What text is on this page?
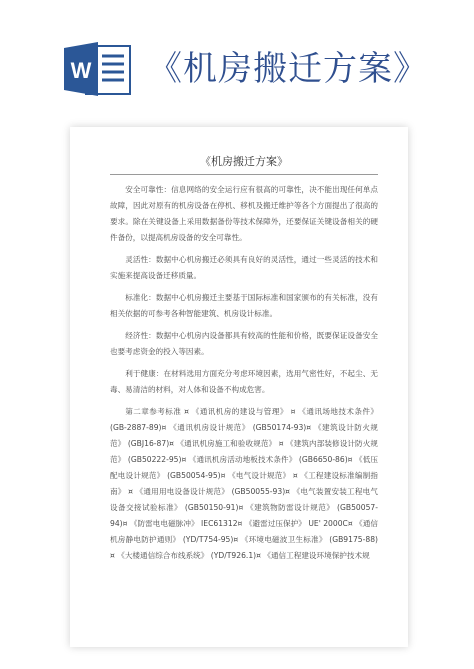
W 《机房搬迁方案》
《机房搬迁方案》

安全可靠性：信息网络的安全运行应有很高的可靠性，决不能出现任何单点故障，因此对原有的机房设备在停机、移机及搬迁维护等各个方面提出了很高的要求。除在关键设备上采用数据备份等技术保障外，还要保证关键设备相关的硬件备份，以提高机房设备的安全可靠性。

灵活性：数据中心机房搬迁必须具有良好的灵活性，通过一些灵活的技术和实施来提高设备迁移质量。

标准化：数据中心机房搬迁主要基于国际标准和国家颁布的有关标准，没有相关依据的可参考各种智能建筑、机房设计标准。

经济性：数据中心机房内设备都具有较高的性能和价格，既要保证设备安全也要考虑资金的投入等因素。

利于健康：在材料选用方面充分考虑环境因素，选用气密性好，不起尘、无毒、易清洁的材料，对人体和设备不构成危害。

第二章参考标准 ¤ 《通讯机房的建设与管理》 ¤ 《通讯场地技术条件》(GB-2887-89)¤ 《通讯机房设计规范》 (GB50174-93)¤ 《建筑设计防火规范》 (GBJ16-87)¤ 《通讯机房施工和验收规范》 ¤ 《建筑内部装修设计防火规范》 (GB50222-95)¤ 《通讯机房活动地板技术条件》 (GB6650-86)¤ 《低压配电设计规范》 (GB50054-95)¤ 《电气设计规范》 ¤ 《工程建设标准编制指南》 ¤ 《通用用电设备设计规范》 (GB50055-93)¤ 《电气装置安装工程电气设备交接试验标准》 (GB50150-91)¤ 《建筑物防雷设计规范》 (GB50057-94)¤ 《防雷电电磁脉冲》 IEC61312¤ 《避雷过压保护》 UE' 2000C¤ 《通信机房静电防护通则》 (YD/T754-95)¤ 《环境电磁波卫生标准》 (GB9175-88)¤ 《大楼通信综合布线系统》 (YD/T926.1)¤ 《通信工程建设环境保护技术规
